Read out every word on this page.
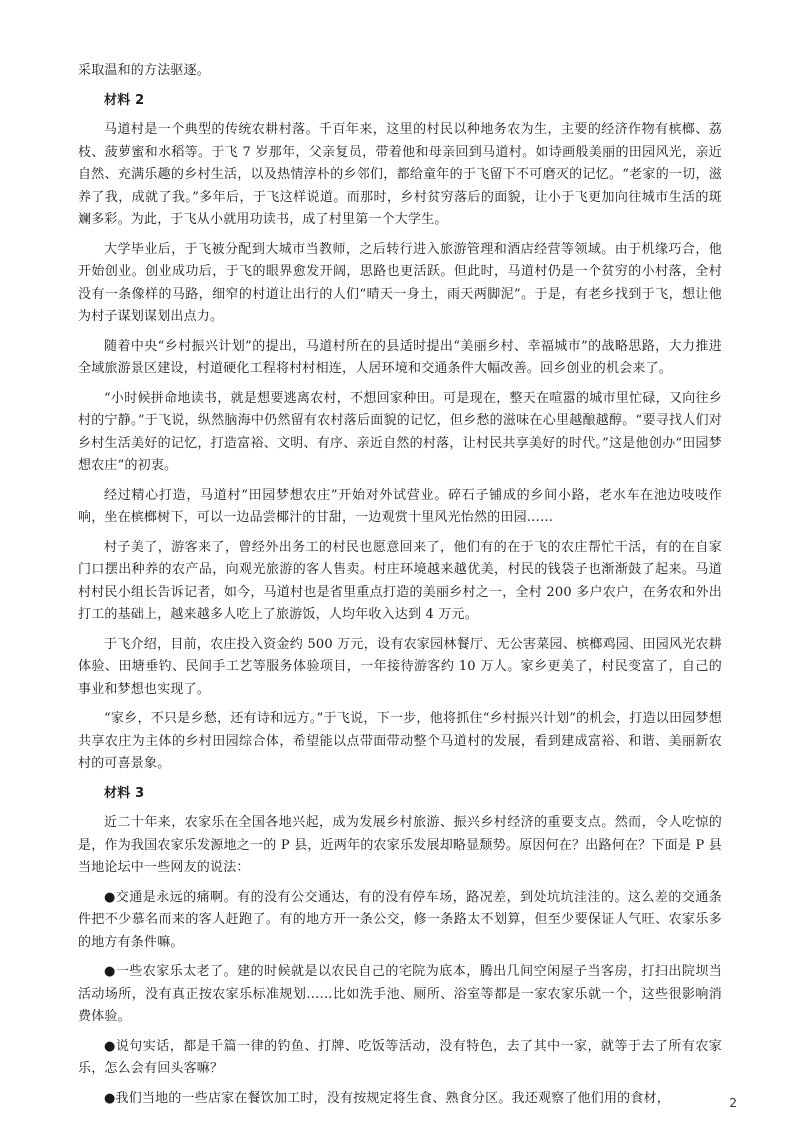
采取温和的方法驱逐。

材料 2

马道村是一个典型的传统农耕村落。千百年来，这里的村民以种地务农为生，主要的经济作物有槟榔、荔枝、菠萝蜜和水稻等。于飞 7 岁那年，父亲复员，带着他和母亲回到马道村。如诗画般美丽的田园风光，亲近自然、充满乐趣的乡村生活，以及热情淳朴的乡邻们，都给童年的于飞留下不可磨灭的记忆。“老家的一切，滋养了我，成就了我。”多年后，于飞这样说道。而那时，乡村贫穷落后的面貌，让小于飞更加向往城市生活的斑斓多彩。为此，于飞从小就用功读书，成了村里第一个大学生。

大学毕业后，于飞被分配到大城市当教师，之后转行进入旅游管理和酒店经营等领域。由于机缘巧合，他开始创业。创业成功后，于飞的眼界愈发开阔，思路也更活跃。但此时，马道村仍是一个贫穷的小村落，全村没有一条像样的马路，细窄的村道让出行的人们“晴天一身土，雨天两脚泥”。于是，有老乡找到于飞，想让他为村子谋划谋划出点力。

随着中央“乡村振兴计划”的提出，马道村所在的县适时提出“美丽乡村、幸福城市”的战略思路，大力推进全域旅游景区建设，村道硬化工程将村村相连，人居环境和交通条件大幅改善。回乡创业的机会来了。

“小时候拼命地读书，就是想要逃离农村，不想回家种田。可是现在，整天在喧嚣的城市里忙碌，又向往乡村的宁静。”于飞说，纵然脑海中仍然留有农村落后面貌的记忆，但乡愁的滋味在心里越酿越醇。“要寻找人们对乡村生活美好的记忆，打造富裕、文明、有序、亲近自然的村落，让村民共享美好的时代。”这是他创办“田园梦想农庄”的初衷。

经过精心打造，马道村“田园梦想农庄”开始对外试营业。碎石子铺成的乡间小路，老水车在池边吱吱作响，坐在槟榔树下，可以一边品尝椰汁的甘甜，一边观赏十里风光怡然的田园……

村子美了，游客来了，曾经外出务工的村民也愿意回来了，他们有的在于飞的农庄帮忙干活，有的在自家门口摆出种养的农产品，向观光旅游的客人售卖。村庄环境越来越优美，村民的钱袋子也渐渐鼓了起来。马道村村民小组长告诉记者，如今，马道村也是省里重点打造的美丽乡村之一，全村 200 多户农户，在务农和外出打工的基础上，越来越多人吃上了旅游饭，人均年收入达到 4 万元。

于飞介绍，目前，农庄投入资金约 500 万元，设有农家园林餐厅、无公害菜园、槟榔鸡园、田园风光农耕体验、田塘垂钓、民间手工艺等服务体验项目，一年接待游客约 10 万人。家乡更美了，村民变富了，自己的事业和梦想也实现了。

“家乡，不只是乡愁，还有诗和远方。”于飞说，下一步，他将抓住“乡村振兴计划”的机会，打造以田园梦想共享农庄为主体的乡村田园综合体，希望能以点带面带动整个马道村的发展，看到建成富裕、和谐、美丽新农村的可喜景象。

材料 3

近二十年来，农家乐在全国各地兴起，成为发展乡村旅游、振兴乡村经济的重要支点。然而，令人吃惊的是，作为我国农家乐发源地之一的 P 县，近两年的农家乐发展却略显颓势。原因何在？出路何在？下面是 P 县当地论坛中一些网友的说法：

●交通是永远的痛啊。有的没有公交通达，有的没有停车场，路况差，到处坑坑洼洼的。这么差的交通条件把不少慕名而来的客人赶跑了。有的地方开一条公交，修一条路太不划算，但至少要保证人气旺、农家乐多的地方有条件嘛。

●一些农家乐太老了。建的时候就是以农民自己的宅院为底本，腾出几间空闲屋子当客房，打扫出院坝当活动场所，没有真正按农家乐标准规划……比如洗手池、厕所、浴室等都是一家农家乐就一个，这些很影响消费体验。

●说句实话，都是千篇一律的钓鱼、打牌、吃饭等活动，没有特色，去了其中一家，就等于去了所有农家乐，怎么会有回头客嘛？

●我们当地的一些店家在餐饮加工时，没有按规定将生食、熟食分区。我还观察了他们用的食材，	2
